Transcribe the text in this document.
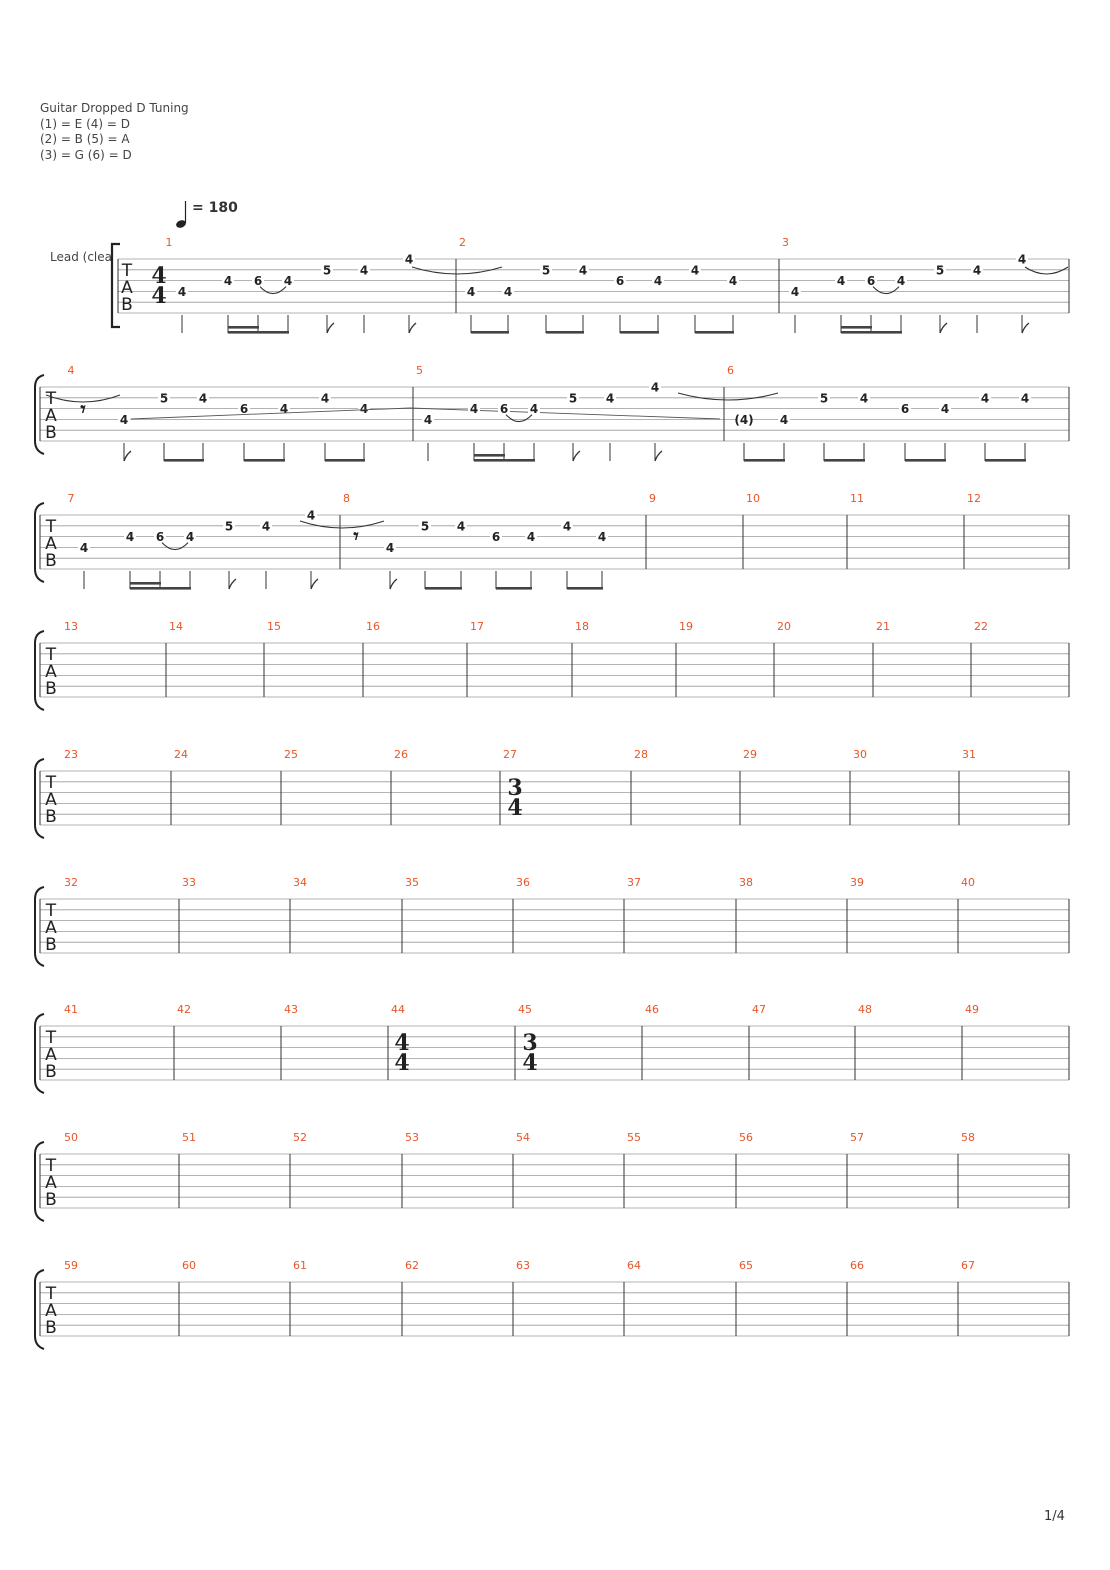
Guitar Dropped D Tuning
(1) = E (4) = D
(2) = B (5) = A
(3) = G (6) = D
= 180
Lead (clea
T
A
B
1	2	3
T
A
B
4	5	6
T
A
B
7	8	9	10	11	12
T
A
B
13	14	15	16	17	18	19	20	21	22
T
A
B
23	24	25	26	27	28	29	30	31
T
A
B
32	33	34	35	36	37	38	39	40
T
A
B
41	42	43	44	45	46	47	48	49
T
A
B
50	51	52	53	54	55	56	57	58
T
A
B
59	60	61	62	63	64	65	66	67
4
4
3
4
4
4
3
4
4
4 6 4
5 4
4
4 4
5 4
6 4
4
4
4
4 6 4
5 4
4
𝄾	4
5	4
6	4
4
4
4
4 6 4
5 4
4
(4) 4
5	4
6	4
4	4
4
4 6 4
5 4
4
𝄾 4
5 4
6 4
4
4
1/4
